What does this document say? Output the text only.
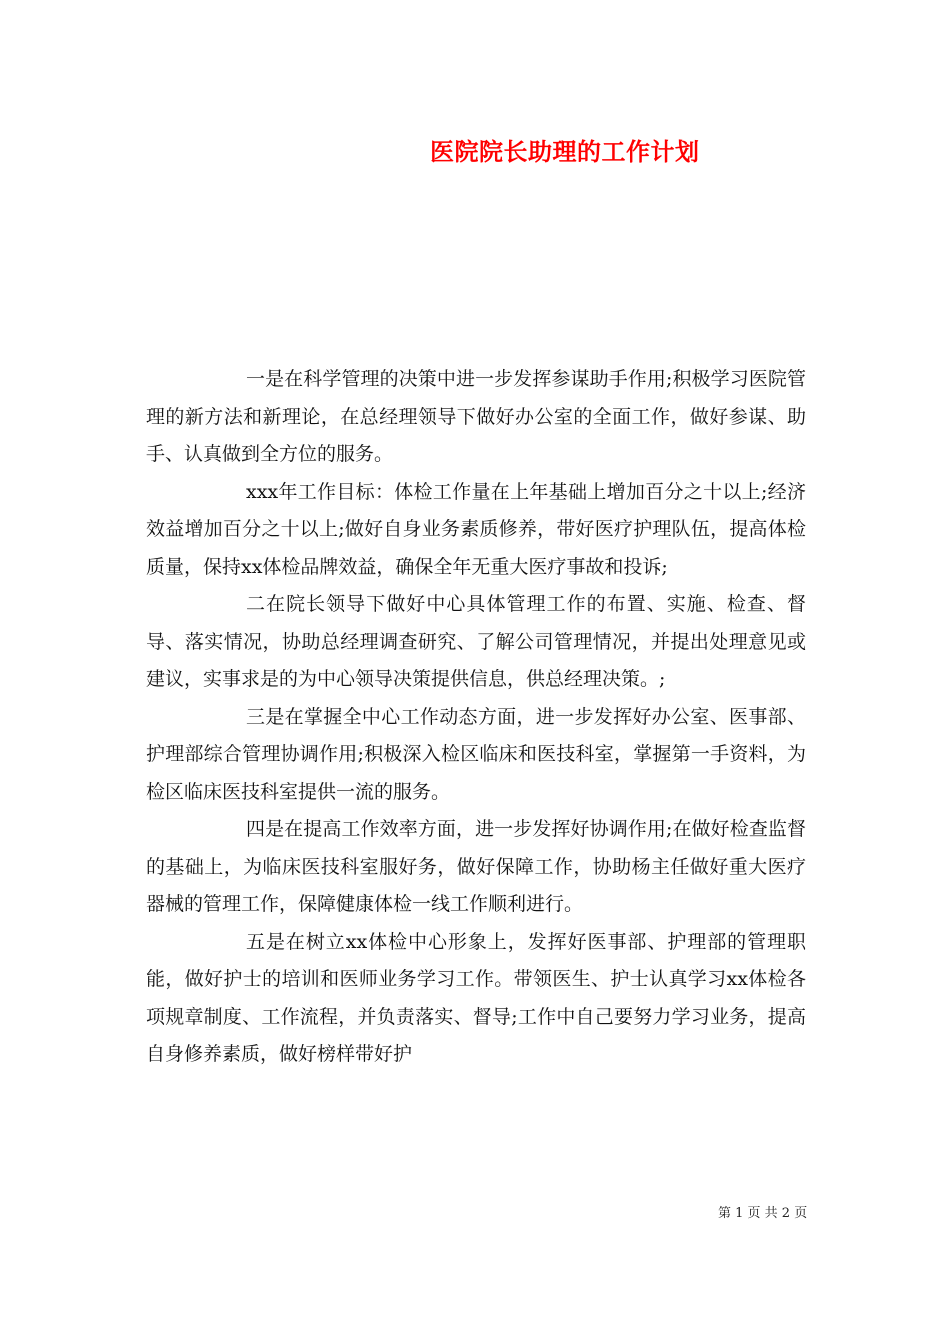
医院院长助理的工作计划

一是在科学管理的决策中进一步发挥参谋助手作用;积极学习医院管理的新方法和新理论，在总经理领导下做好办公室的全面工作，做好参谋、助手、认真做到全方位的服务。

xxx年工作目标：体检工作量在上年基础上增加百分之十以上;经济效益增加百分之十以上;做好自身业务素质修养，带好医疗护理队伍，提高体检质量，保持xx体检品牌效益，确保全年无重大医疗事故和投诉;

二在院长领导下做好中心具体管理工作的布置、实施、检查、督导、落实情况，协助总经理调查研究、了解公司管理情况，并提出处理意见或建议，实事求是的为中心领导决策提供信息，供总经理决策。;

三是在掌握全中心工作动态方面，进一步发挥好办公室、医事部、护理部综合管理协调作用;积极深入检区临床和医技科室，掌握第一手资料，为检区临床医技科室提供一流的服务。

四是在提高工作效率方面，进一步发挥好协调作用;在做好检查监督的基础上，为临床医技科室服好务，做好保障工作，协助杨主任做好重大医疗器械的管理工作，保障健康体检一线工作顺利进行。

五是在树立xx体检中心形象上，发挥好医事部、护理部的管理职能，做好护士的培训和医师业务学习工作。带领医生、护士认真学习xx体检各项规章制度、工作流程，并负责落实、督导;工作中自己要努力学习业务，提高自身修养素质，做好榜样带好护

第 1 页 共 2 页
